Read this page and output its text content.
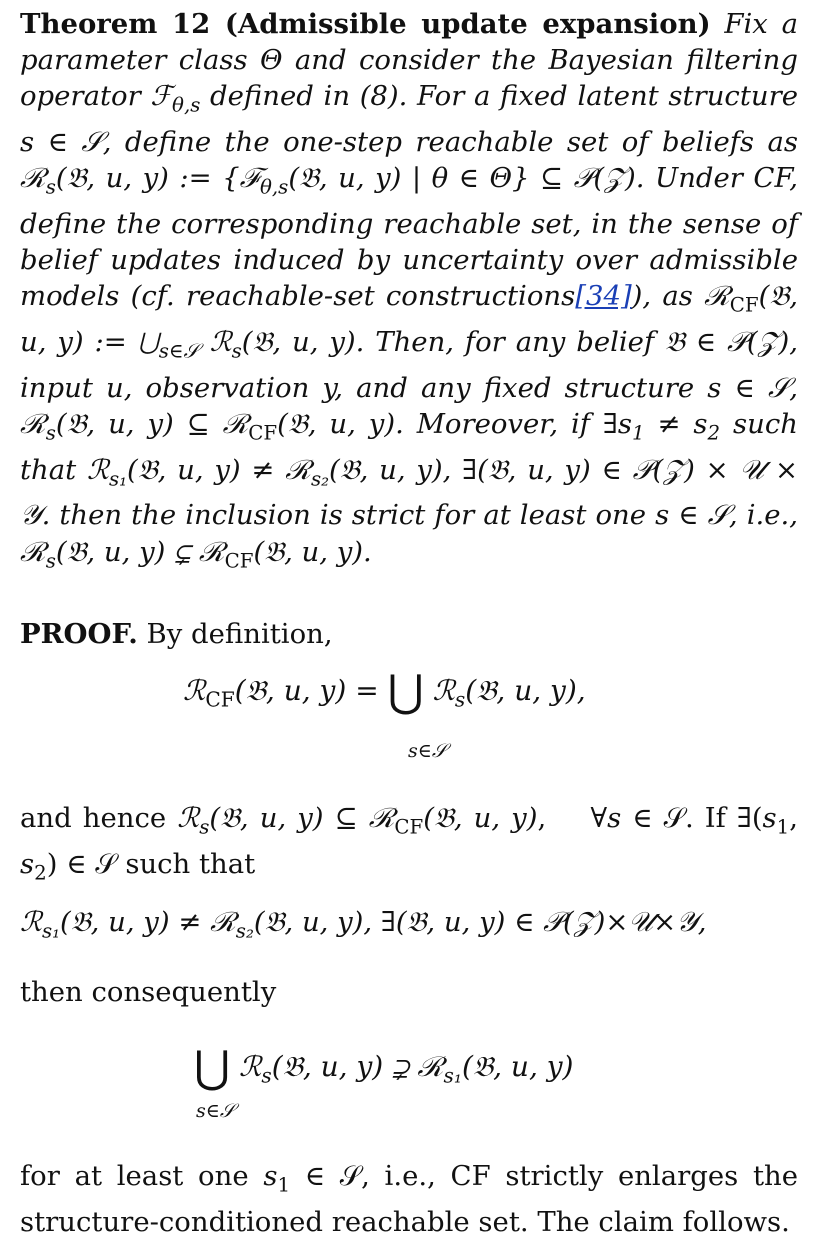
Theorem 12 (Admissible update expansion) Fix a parameter class Θ and consider the Bayesian filtering operator ℱ$_{\theta,s}$ defined in (8). For a fixed latent structure s ∈ 𝒮, define the one-step reachable set of beliefs as ℛ$_s$(𝔅, u, y) := {ℱ$_{\theta,s}$(𝔅, u, y) | θ ∈ Θ} ⊆ 𝒫(𝒵). Under CF, define the corresponding reachable set, in the sense of belief updates induced by uncertainty over admissible models (cf. reachable-set constructions[34]), as ℛ$_{CF}$(𝔅, u, y) := $⋃_{s\in 𝒮}$ ℛ$_s$(𝔅, u, y). Then, for any belief 𝔅 ∈ 𝒫(𝒵), input u, observation y, and any fixed structure s ∈ 𝒮, ℛ$_s$(𝔅, u, y) ⊆ ℛ$_{CF}$(𝔅, u, y). Moreover, if $\exists s_1 \ne s_2$ such that ℛ$_{s_1}$(𝔅, u, y) ≠ ℛ$_{s_2}$(𝔅, u, y), ∃(𝔅, u, y) ∈ 𝒫(𝒵) × 𝒰 × 𝒴. then the inclusion is strict for at least one s ∈ 𝒮, i.e., ℛ$_s$(𝔅, u, y) ⊊ ℛ$_{CF}$(𝔅, u, y).
PROOF. By definition,
ℛ$_{CF}$(𝔅, u, y) = ⋃ ℛ$_s$(𝔅, u, y),
s∈𝒮
and hence ℛ$_s$(𝔅, u, y) ⊆ ℛ$_{CF}$(𝔅, u, y),    ∀s ∈ 𝒮. If $\exists(s_1$, $s_2$) ∈ 𝒮 such that
ℛ$_{s_1}$(𝔅, u, y) ≠ ℛ$_{s_2}$(𝔅, u, y), ∃(𝔅, u, y) ∈ 𝒫(𝒵)×𝒰×𝒴,
then consequently
⋃ ℛ$_s$(𝔅, u, y) ⊋ ℛ$_{s_1}$(𝔅, u, y)
s∈𝒮
for at least one $s_1$ ∈ 𝒮, i.e., CF strictly enlarges the structure-conditioned reachable set. The claim follows.
